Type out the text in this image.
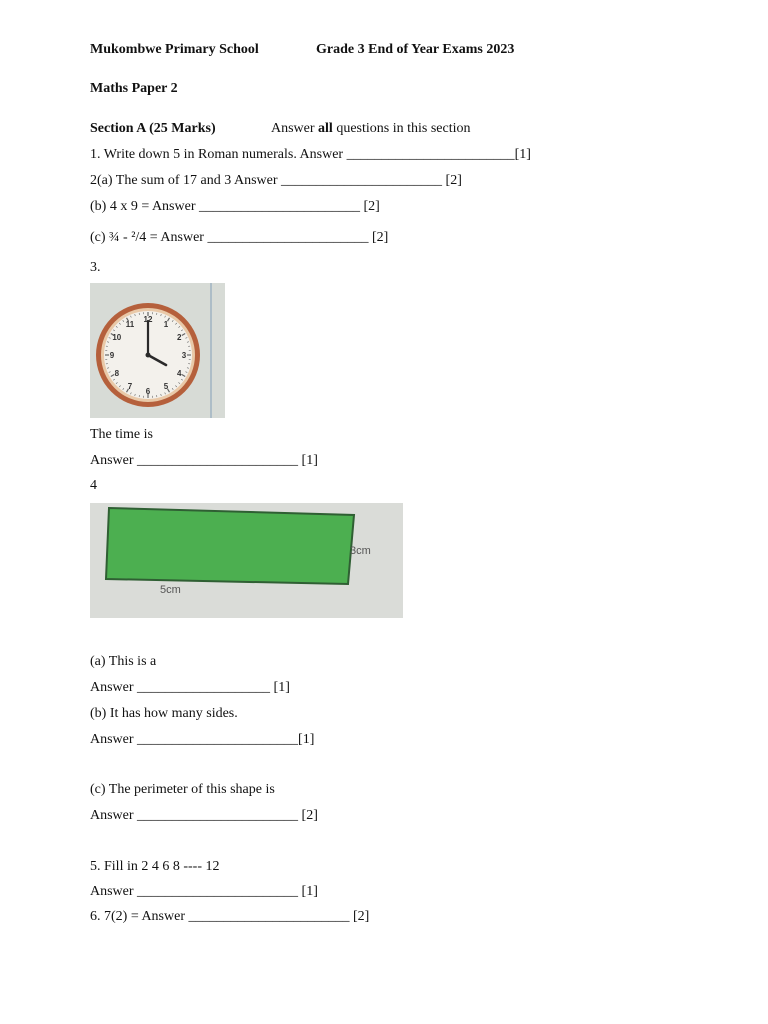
Mukombwe Primary School	Grade 3 End of Year Exams 2023
Maths Paper 2
Section A (25 Marks)	Answer all questions in this section
1. Write down 5 in Roman numerals. Answer ________________________[1]
2(a) The sum of 17 and 3 Answer _______________________ [2]
(b) 4 x 9 = Answer _______________________ [2]
(c) ¾ - ²/4 = Answer _______________________ [2]
3.
12
1
2
3
4
5
6
7
8
9
10
11
The time is
Answer _______________________ [1]
4
3cm
5cm
(a) This is a
Answer ___________________ [1]
(b) It has how many sides.
Answer _______________________[1]
(c) The perimeter of this shape is
Answer _______________________ [2]
5. Fill in 2 4 6 8 ---- 12
Answer _______________________ [1]
6. 7(2) = Answer _______________________ [2]
